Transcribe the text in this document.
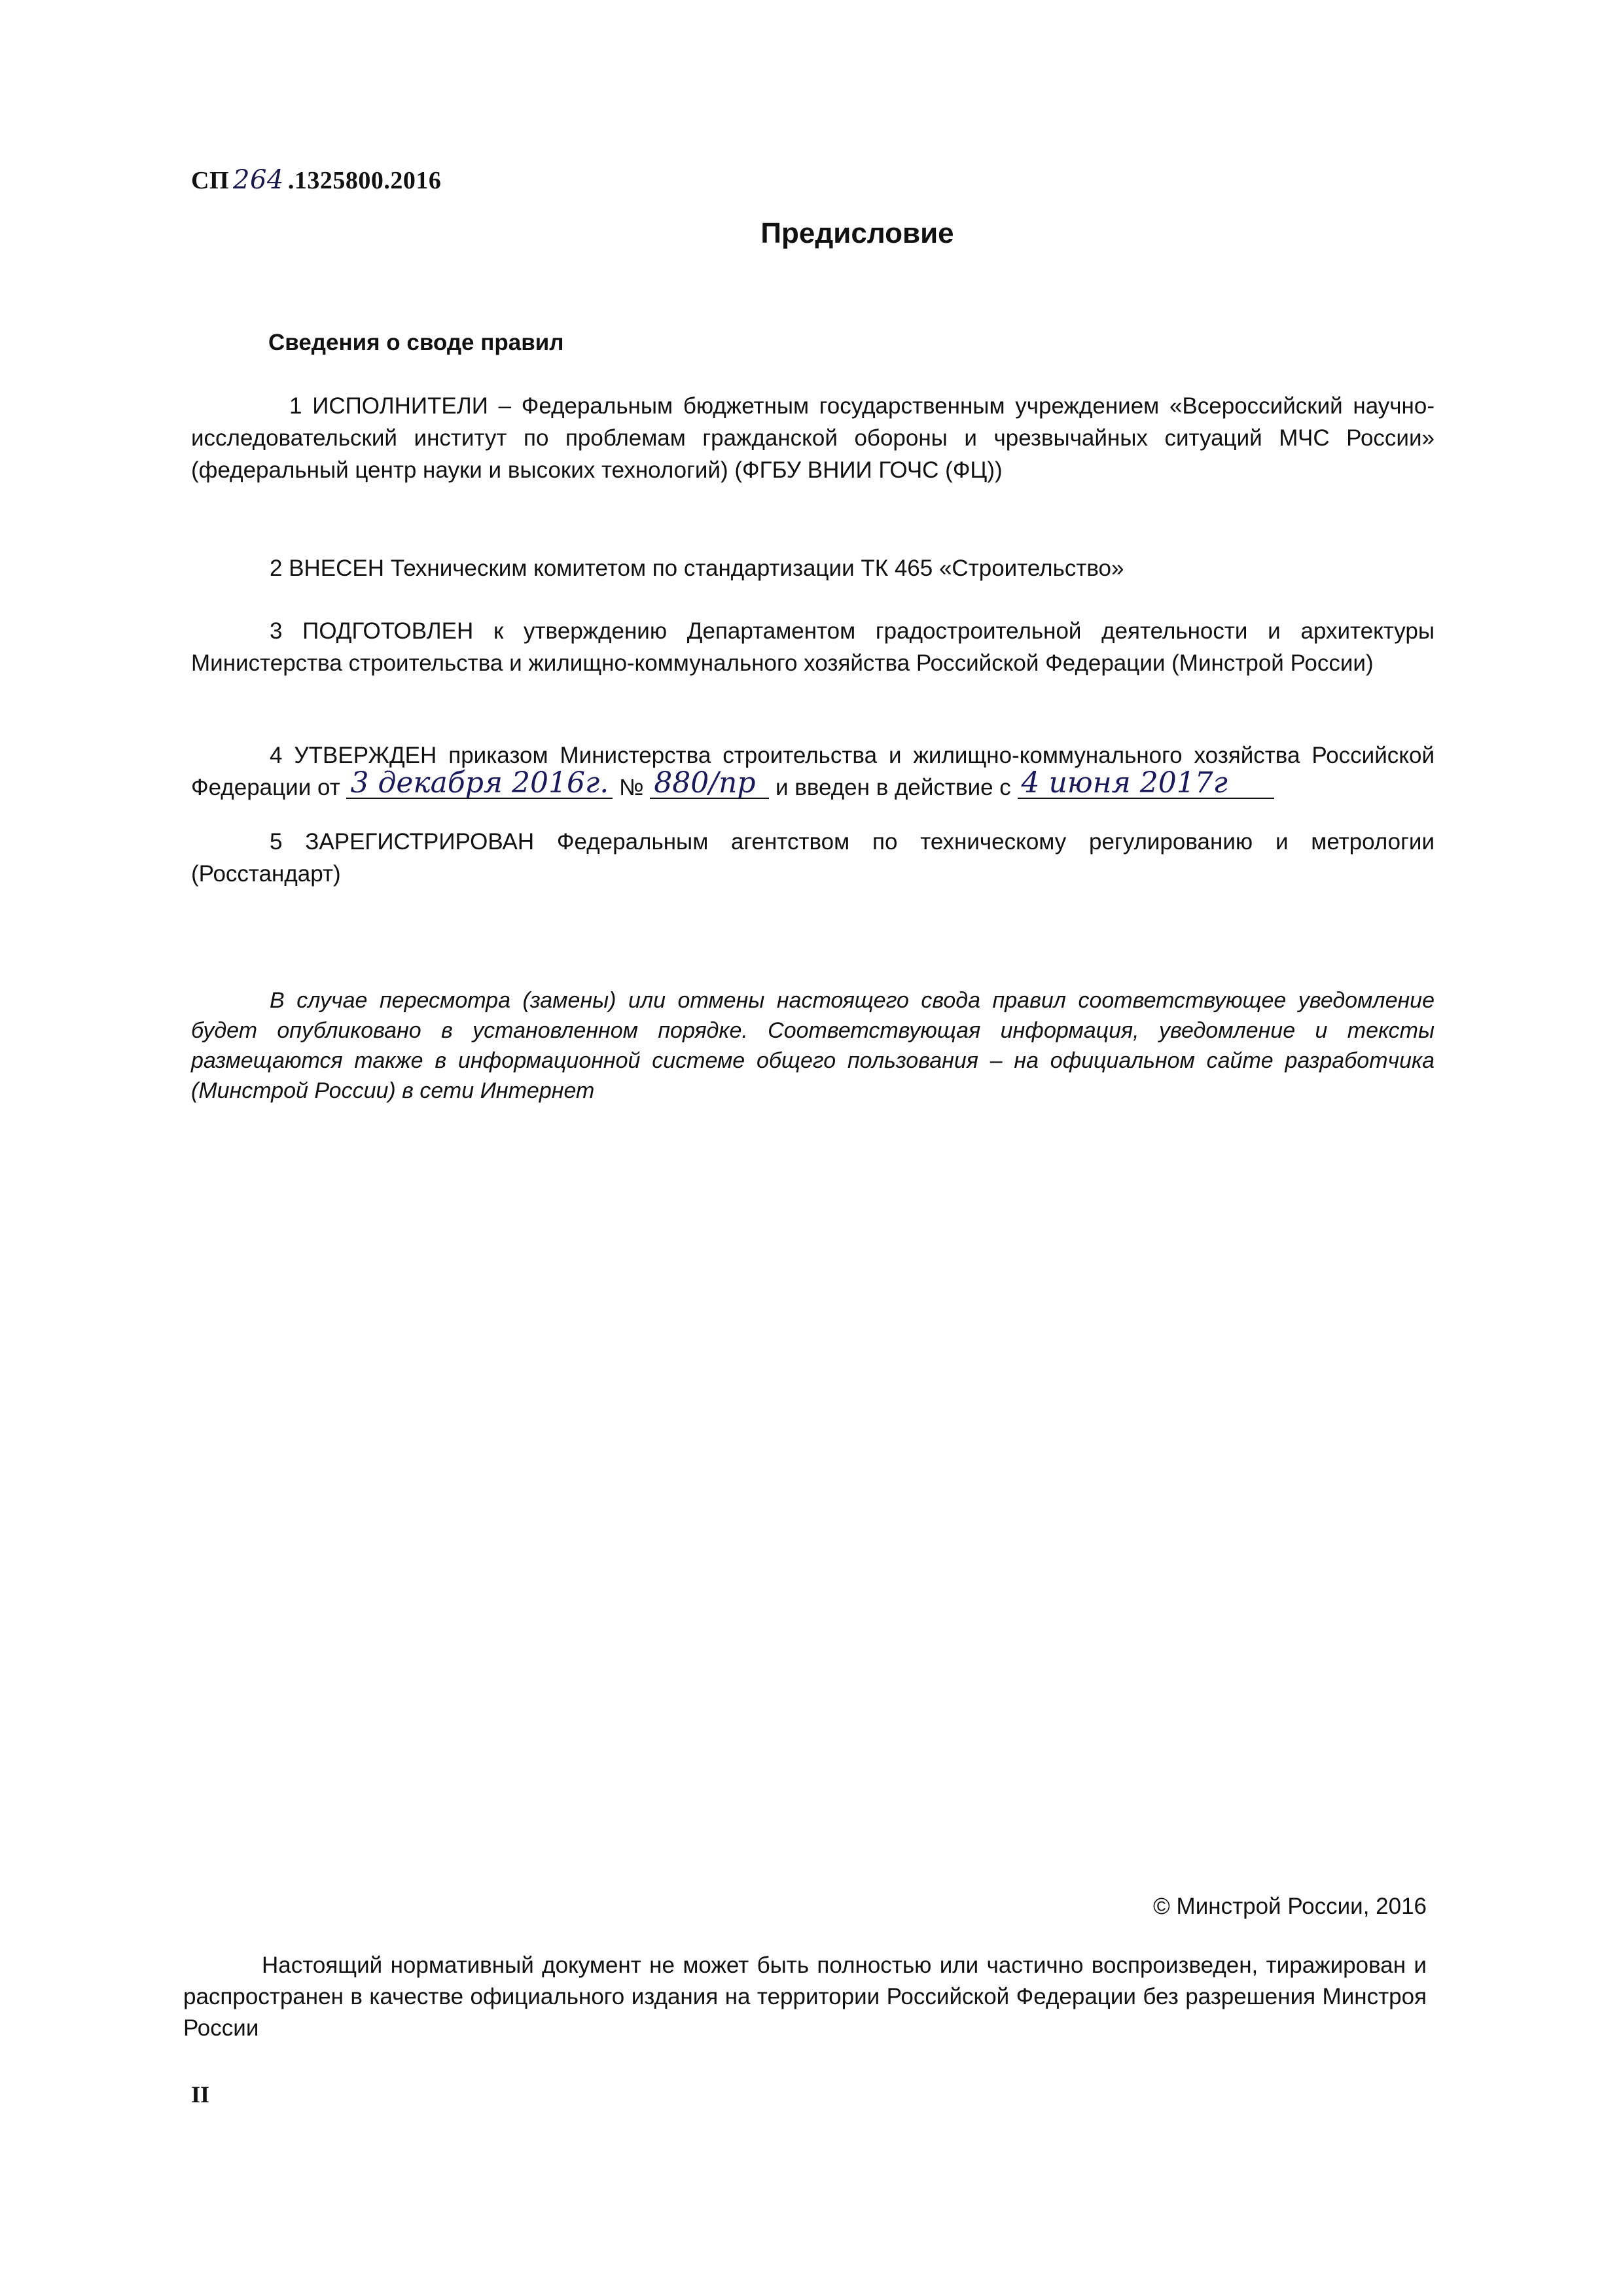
СП 264 .1325800.2016
Предисловие
Сведения о своде правил
1 ИСПОЛНИТЕЛИ – Федеральным бюджетным государственным учреждением «Всероссийский научно-исследовательский институт по проблемам гражданской обороны и чрезвычайных ситуаций МЧС России» (федеральный центр науки и высоких технологий) (ФГБУ ВНИИ ГОЧС (ФЦ))
2 ВНЕСЕН Техническим комитетом по стандартизации ТК 465 «Строительство»
3 ПОДГОТОВЛЕН к утверждению Департаментом градостроительной деятельности и архитектуры Министерства строительства и жилищно-коммунального хозяйства Российской Федерации (Минстрой России)
4 УТВЕРЖДЕН приказом Министерства строительства и жилищно-коммунального хозяйства Российской Федерации от 3 декабря 2016г. № 880/пр и введен в действие с 4 июня 2017г
5 ЗАРЕГИСТРИРОВАН Федеральным агентством по техническому регулированию и метрологии (Росстандарт)
В случае пересмотра (замены) или отмены настоящего свода правил соответствующее уведомление будет опубликовано в установленном порядке. Соответствующая информация, уведомление и тексты размещаются также в информационной системе общего пользования – на официальном сайте разработчика (Минстрой России) в сети Интернет
© Минстрой России, 2016
Настоящий нормативный документ не может быть полностью или частично воспроизведен, тиражирован и распространен в качестве официального издания на территории Российской Федерации без разрешения Минстроя России
II
